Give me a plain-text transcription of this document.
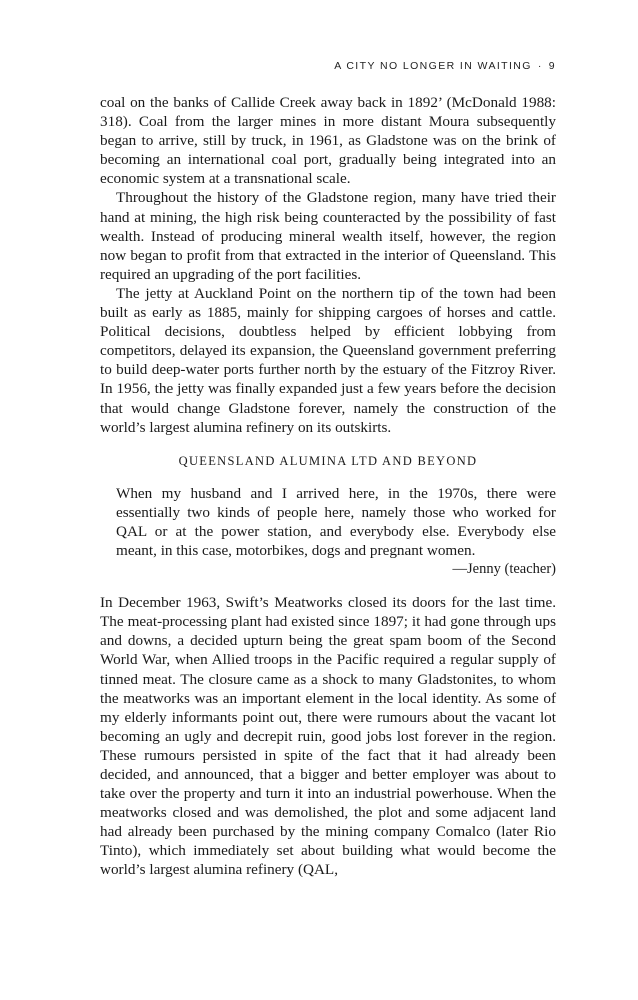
A CITY NO LONGER IN WAITING · 9

coal on the banks of Callide Creek away back in 1892’ (McDonald 1988: 318). Coal from the larger mines in more distant Moura subsequently began to arrive, still by truck, in 1961, as Gladstone was on the brink of becoming an international coal port, gradually being integrated into an economic system at a transnational scale.

Throughout the history of the Gladstone region, many have tried their hand at mining, the high risk being counteracted by the possibility of fast wealth. Instead of producing mineral wealth itself, however, the region now began to profit from that extracted in the interior of Queensland. This required an upgrading of the port facilities.

The jetty at Auckland Point on the northern tip of the town had been built as early as 1885, mainly for shipping cargoes of horses and cattle. Political decisions, doubtless helped by efficient lobbying from competitors, delayed its expansion, the Queensland government preferring to build deep-water ports further north by the estuary of the Fitzroy River. In 1956, the jetty was finally expanded just a few years before the decision that would change Gladstone forever, namely the construction of the world’s largest alumina refinery on its outskirts.

QUEENSLAND ALUMINA LTD AND BEYOND

When my husband and I arrived here, in the 1970s, there were essentially two kinds of people here, namely those who worked for QAL or at the power station, and everybody else. Everybody else meant, in this case, motorbikes, dogs and pregnant women.

—Jenny (teacher)

In December 1963, Swift’s Meatworks closed its doors for the last time. The meat-processing plant had existed since 1897; it had gone through ups and downs, a decided upturn being the great spam boom of the Second World War, when Allied troops in the Pacific required a regular supply of tinned meat. The closure came as a shock to many Gladstonites, to whom the meatworks was an important element in the local identity. As some of my elderly informants point out, there were rumours about the vacant lot becoming an ugly and decrepit ruin, good jobs lost forever in the region. These rumours persisted in spite of the fact that it had already been decided, and announced, that a bigger and better employer was about to take over the property and turn it into an industrial powerhouse. When the meatworks closed and was demolished, the plot and some adjacent land had already been purchased by the mining company Comalco (later Rio Tinto), which immediately set about building what would become the world’s largest alumina refinery (QAL,
